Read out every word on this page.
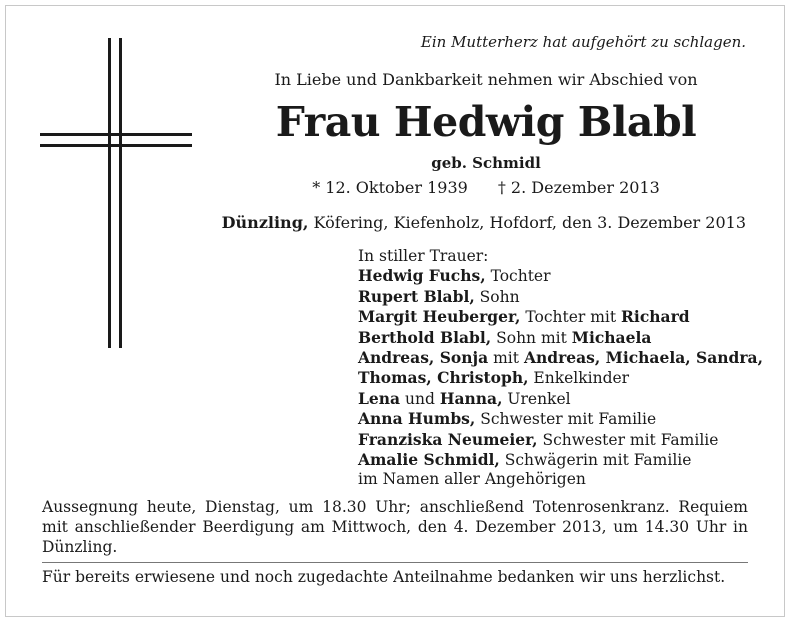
Ein Mutterherz hat aufgehört zu schlagen.
In Liebe und Dankbarkeit nehmen wir Abschied von
Frau Hedwig Blabl
geb. Schmidl
* 12. Oktober 1939 † 2. Dezember 2013
Dünzling, Köfering, Kiefenholz, Hofdorf, den 3. Dezember 2013
In stiller Trauer:
Hedwig Fuchs, Tochter
Rupert Blabl, Sohn
Margit Heuberger, Tochter mit Richard
Berthold Blabl, Sohn mit Michaela
Andreas, Sonja mit Andreas, Michaela, Sandra,
Thomas, Christoph, Enkelkinder
Lena und Hanna, Urenkel
Anna Humbs, Schwester mit Familie
Franziska Neumeier, Schwester mit Familie
Amalie Schmidl, Schwägerin mit Familie
im Namen aller Angehörigen
Aussegnung heute, Dienstag, um 18.30 Uhr; anschließend Totenrosenkranz. Requiem mit anschließender Beerdigung am Mittwoch, den 4. Dezember 2013, um 14.30 Uhr in Dünzling.
Für bereits erwiesene und noch zugedachte Anteilnahme bedanken wir uns herzlichst.
